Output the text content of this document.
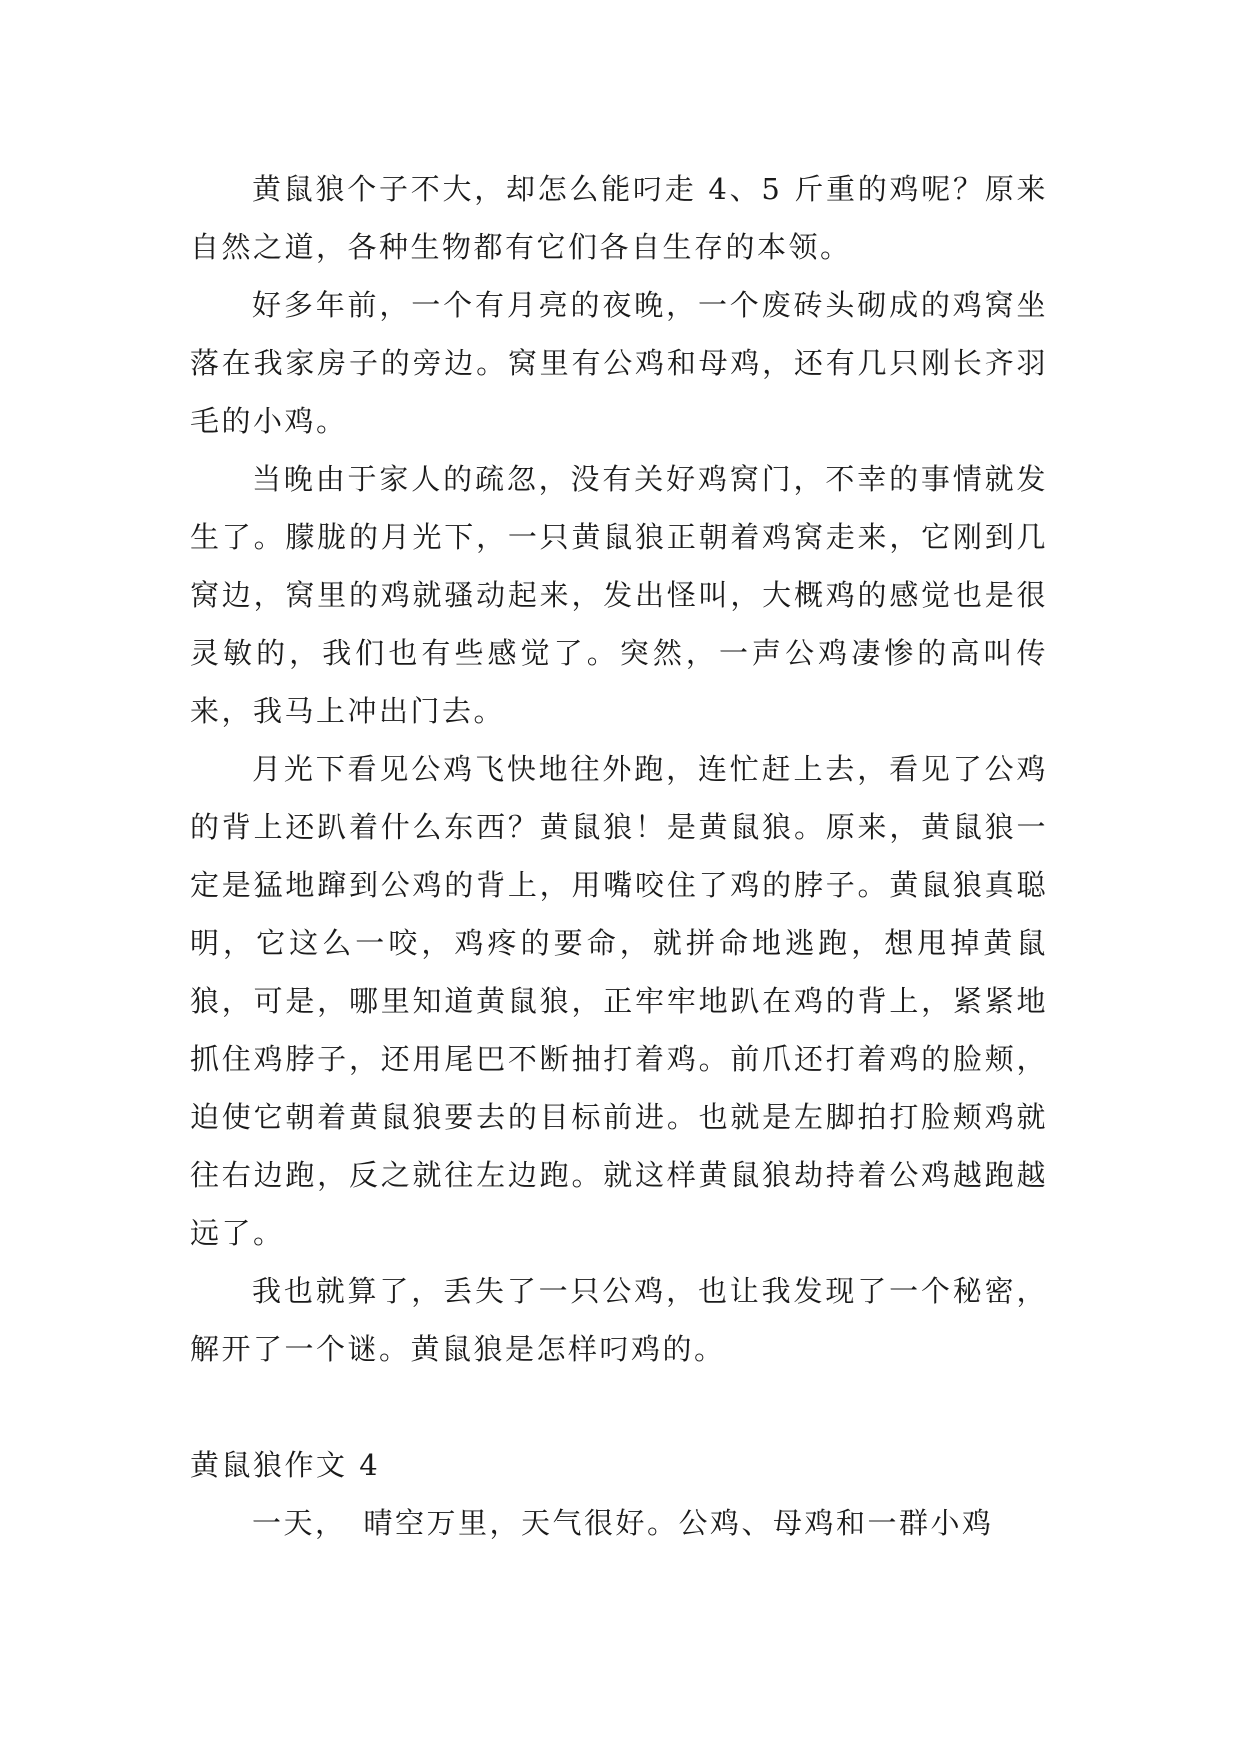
黄鼠狼个子不大，却怎么能叼走 4、5 斤重的鸡呢？原来自然之道，各种生物都有它们各自生存的本领。

好多年前，一个有月亮的夜晚，一个废砖头砌成的鸡窝坐落在我家房子的旁边。窝里有公鸡和母鸡，还有几只刚长齐羽毛的小鸡。

当晚由于家人的疏忽，没有关好鸡窝门，不幸的事情就发生了。朦胧的月光下，一只黄鼠狼正朝着鸡窝走来，它刚到几窝边，窝里的鸡就骚动起来，发出怪叫，大概鸡的感觉也是很灵敏的，我们也有些感觉了。突然，一声公鸡凄惨的高叫传来，我马上冲出门去。

月光下看见公鸡飞快地往外跑，连忙赶上去，看见了公鸡的背上还趴着什么东西？黄鼠狼！是黄鼠狼。原来，黄鼠狼一定是猛地蹿到公鸡的背上，用嘴咬住了鸡的脖子。黄鼠狼真聪明，它这么一咬，鸡疼的要命，就拼命地逃跑，想甩掉黄鼠狼，可是，哪里知道黄鼠狼，正牢牢地趴在鸡的背上，紧紧地抓住鸡脖子，还用尾巴不断抽打着鸡。前爪还打着鸡的脸颊，迫使它朝着黄鼠狼要去的目标前进。也就是左脚拍打脸颊鸡就往右边跑，反之就往左边跑。就这样黄鼠狼劫持着公鸡越跑越远了。

我也就算了，丢失了一只公鸡，也让我发现了一个秘密，解开了一个谜。黄鼠狼是怎样叼鸡的。

黄鼠狼作文 4

一天，　晴空万里，天气很好。公鸡、母鸡和一群小鸡
